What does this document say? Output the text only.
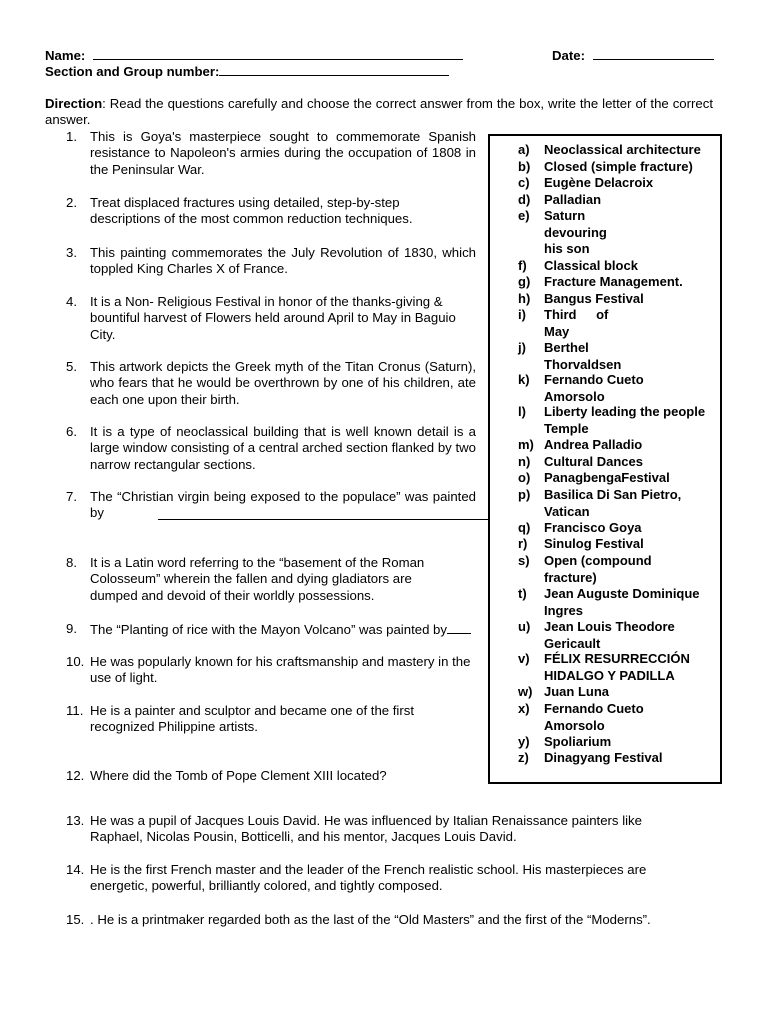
Name:	Date:
Section and Group number:
Direction: Read the questions carefully and choose the correct answer from the box, write the letter of the correct answer.
1. This is Goya's masterpiece sought to commemorate Spanish resistance to Napoleon's armies during the occupation of 1808 in the Peninsular War.
2. Treat displaced fractures using detailed, step-by-step descriptions of the most common reduction techniques.
3. This painting commemorates the July Revolution of 1830, which toppled King Charles X of France.
4. It is a Non- Religious Festival in honor of the thanks-giving & bountiful harvest of Flowers held around April to May in Baguio City.
5. This artwork depicts the Greek myth of the Titan Cronus (Saturn), who fears that he would be overthrown by one of his children, ate each one upon their birth.
6. It is a type of neoclassical building that is well known detail is a large window consisting of a central arched section flanked by two narrow rectangular sections.
7. The “Christian virgin being exposed to the populace” was painted by
8. It is a Latin word referring to the “basement of the Roman Colosseum” wherein the fallen and dying gladiators are dumped and devoid of their worldly possessions.
9. The “Planting of rice with the Mayon Volcano” was painted by
10. He was popularly known for his craftsmanship and mastery in the use of light.
11. He is a painter and sculptor and became one of the first recognized Philippine artists.
12. Where did the Tomb of Pope Clement XIII located?
13. He was a pupil of Jacques Louis David. He was influenced by Italian Renaissance painters like Raphael, Nicolas Pousin, Botticelli, and his mentor, Jacques Louis David.
14. He is the first French master and the leader of the French realistic school. His masterpieces are energetic, powerful, brilliantly colored, and tightly composed.
15. . He is a printmaker regarded both as the last of the “Old Masters” and the first of the “Moderns”.
a) Neoclassical architecture
b) Closed (simple fracture)
c) Eugène Delacroix
d) Palladian
e) Saturn devouring his son
f) Classical block
g) Fracture Management.
h) Bangus Festival
i) Third of May
j) Berthel Thorvaldsen
k) Fernando Cueto Amorsolo
l) Liberty leading the people Temple
m) Andrea Palladio
n) Cultural Dances
o) PanagbengaFestival
p) Basilica Di San Pietro, Vatican
q) Francisco Goya
r) Sinulog Festival
s) Open (compound fracture)
t) Jean Auguste Dominique Ingres
u) Jean Louis Theodore Gericault
v) FÉLIX RESURRECCIÓN HIDALGO Y PADILLA
w) Juan Luna
x) Fernando Cueto Amorsolo
y) Spoliarium
z) Dinagyang Festival
